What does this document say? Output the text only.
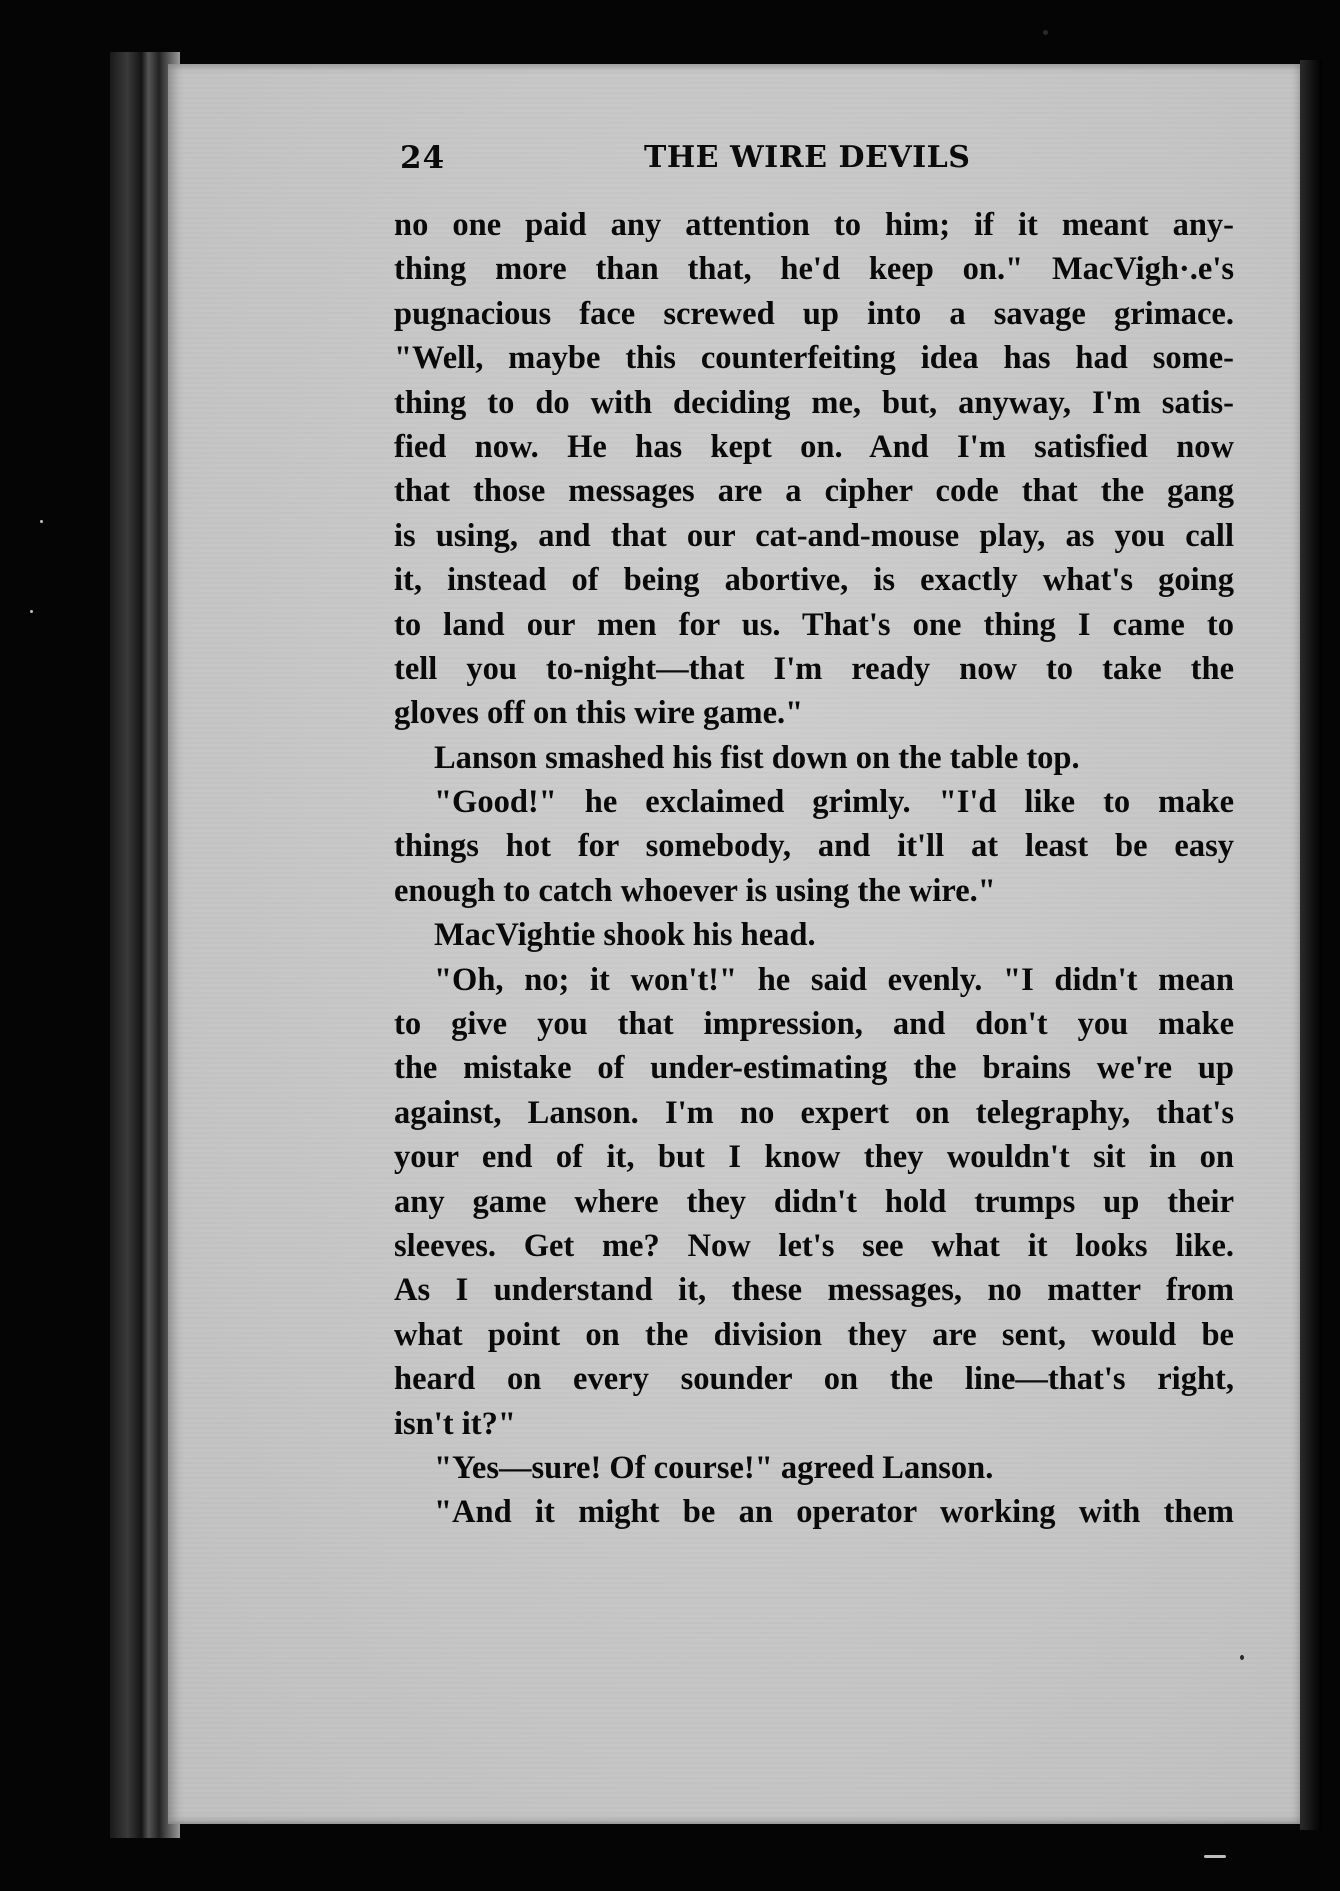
24	THE WIRE DEVILS
no one paid any attention to him; if it meant any-
thing more than that, he'd keep on." MacVigh·.e's
pugnacious face screwed up into a savage grimace.
"Well, maybe this counterfeiting idea has had some-
thing to do with deciding me, but, anyway, I'm satis-
fied now. He has kept on. And I'm satisfied now
that those messages are a cipher code that the gang
is using, and that our cat-and-mouse play, as you call
it, instead of being abortive, is exactly what's going
to land our men for us. That's one thing I came to
tell you to-night—that I'm ready now to take the
gloves off on this wire game."
Lanson smashed his fist down on the table top.
"Good!" he exclaimed grimly. "I'd like to make
things hot for somebody, and it'll at least be easy
enough to catch whoever is using the wire."
MacVightie shook his head.
"Oh, no; it won't!" he said evenly. "I didn't mean
to give you that impression, and don't you make
the mistake of under-estimating the brains we're up
against, Lanson. I'm no expert on telegraphy, that's
your end of it, but I know they wouldn't sit in on
any game where they didn't hold trumps up their
sleeves. Get me? Now let's see what it looks like.
As I understand it, these messages, no matter from
what point on the division they are sent, would be
heard on every sounder on the line—that's right,
isn't it?"
"Yes—sure! Of course!" agreed Lanson.
"And it might be an operator working with them
